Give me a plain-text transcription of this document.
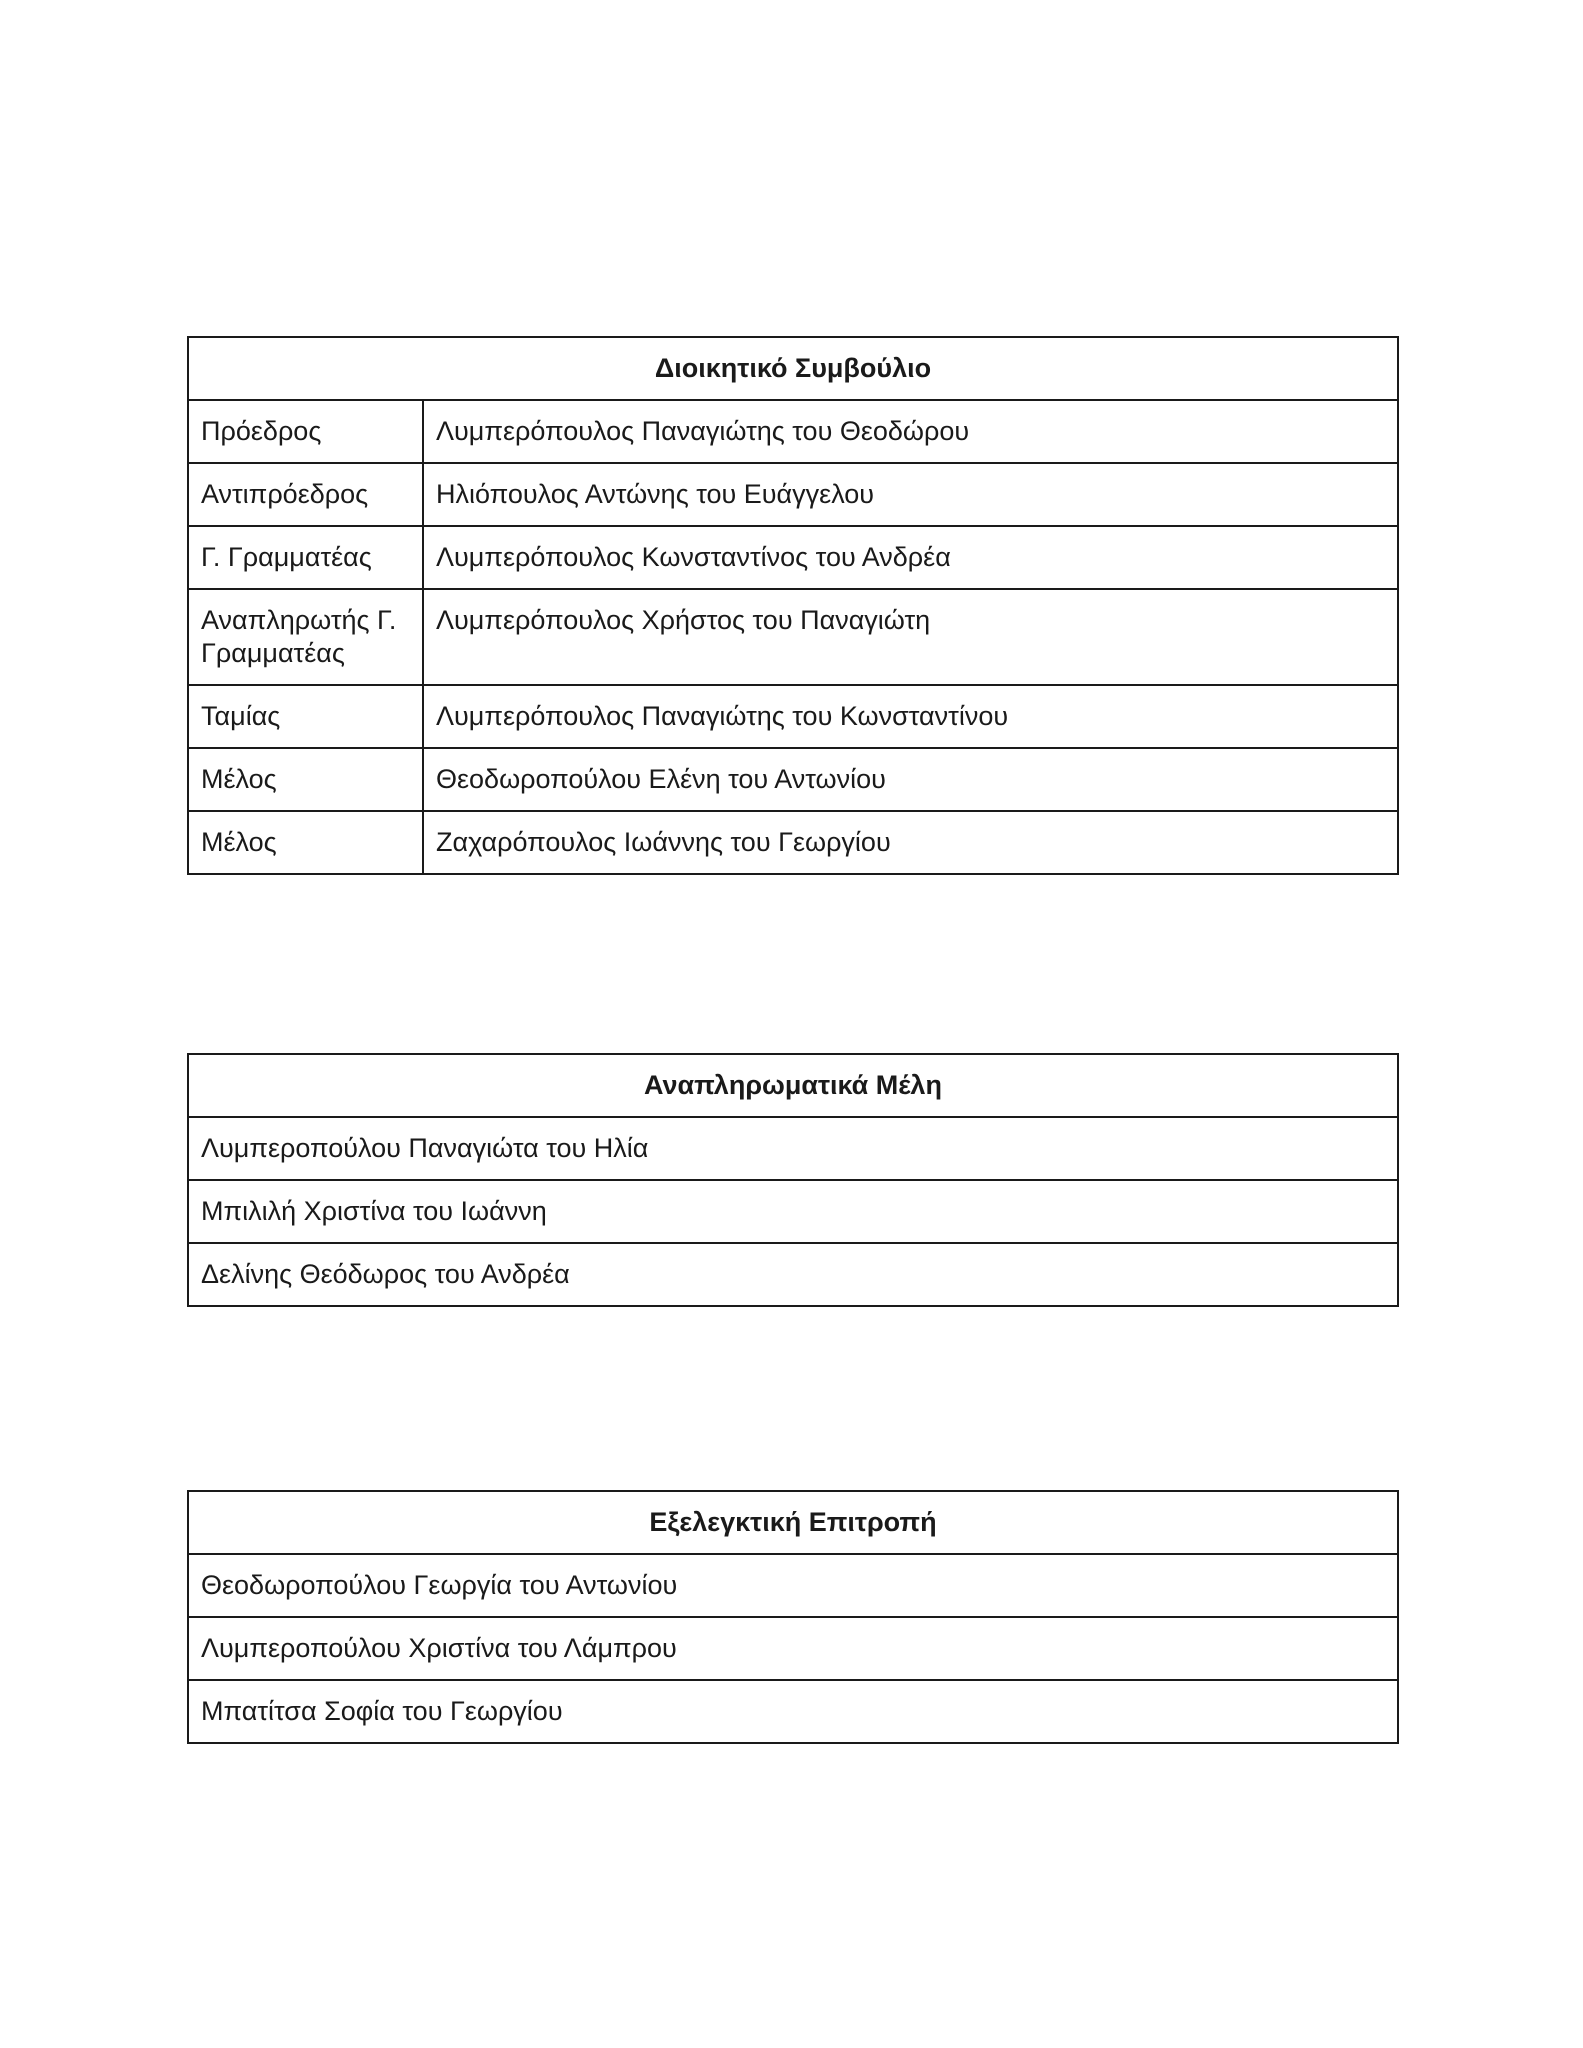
Διοικητικό Συμβούλιο	
Πρόεδρος	Λυμπερόπουλος Παναγιώτης του Θεοδώρου
Αντιπρόεδρος	Ηλιόπουλος Αντώνης του Ευάγγελου
Γ. Γραμματέας	Λυμπερόπουλος Κωνσταντίνος του Ανδρέα
Αναπληρωτής Γ. Γραμματέας	Λυμπερόπουλος Χρήστος του Παναγιώτη
Ταμίας	Λυμπερόπουλος Παναγιώτης του Κωνσταντίνου
Μέλος	Θεοδωροπούλου Ελένη του Αντωνίου
Μέλος	Ζαχαρόπουλος Ιωάννης του Γεωργίου
Αναπληρωματικά Μέλη
Λυμπεροπούλου Παναγιώτα του Ηλία
Μπιλιλή Χριστίνα του Ιωάννη
Δελίνης Θεόδωρος του Ανδρέα
Εξελεγκτική Επιτροπή
Θεοδωροπούλου Γεωργία του Αντωνίου
Λυμπεροπούλου Χριστίνα του Λάμπρου
Μπατίτσα Σοφία του Γεωργίου
